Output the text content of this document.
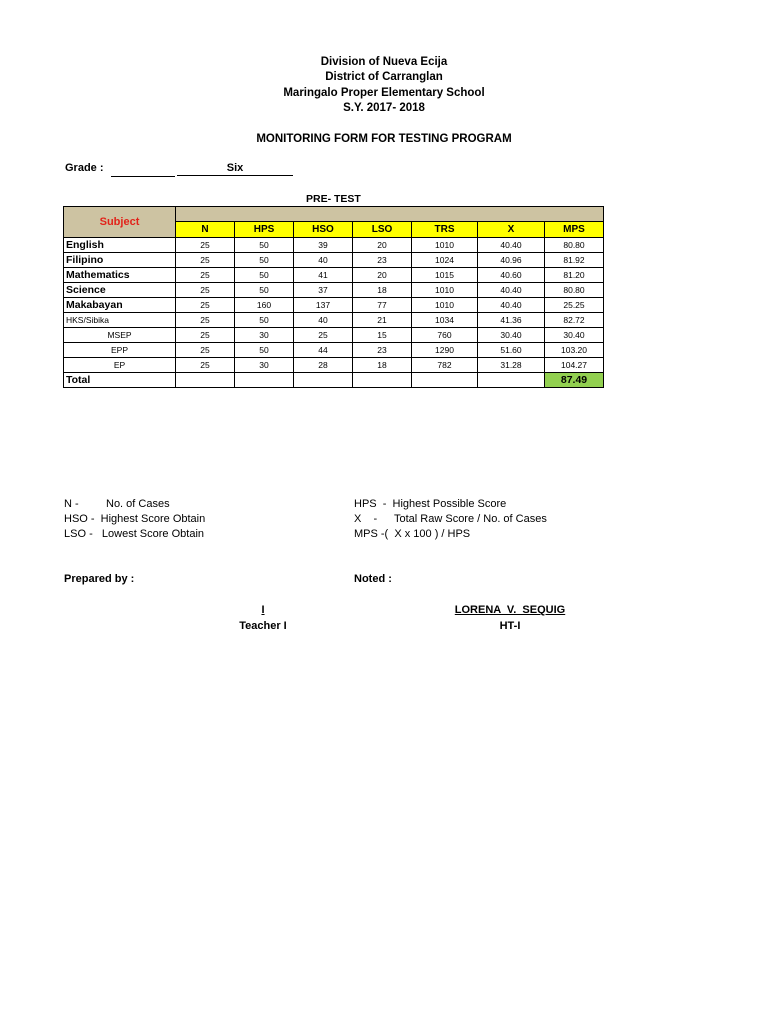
Division of Nueva Ecija
District of Carranglan
Maringalo Proper Elementary School
S.Y. 2017- 2018
MONITORING FORM FOR TESTING PROGRAM
Grade :	Six
PRE- TEST
Subject							
	N	HPS	HSO	LSO	TRS	X	MPS
English	25	50	39	20	1010	40.40	80.80
Filipino	25	50	40	23	1024	40.96	81.92
Mathematics	25	50	41	20	1015	40.60	81.20
Science	25	50	37	18	1010	40.40	80.80
Makabayan	25	160	137	77	1010	40.40	25.25
HKS/Sibika	25	50	40	21	1034	41.36	82.72
MSEP	25	30	25	15	760	30.40	30.40
EPP	25	50	44	23	1290	51.60	103.20
EP	25	30	28	18	782	31.28	104.27
Total							87.49
N - No. of Cases
HSO -  Highest Score Obtain
LSO -   Lowest Score Obtain
HPS  -  Highest Possible Score
X    - Total Raw Score / No. of Cases
MPS -(  X x 100 ) / HPS
Prepared by :	Noted :
I
Teacher I
LORENA  V.  SEQUIG
HT-I
